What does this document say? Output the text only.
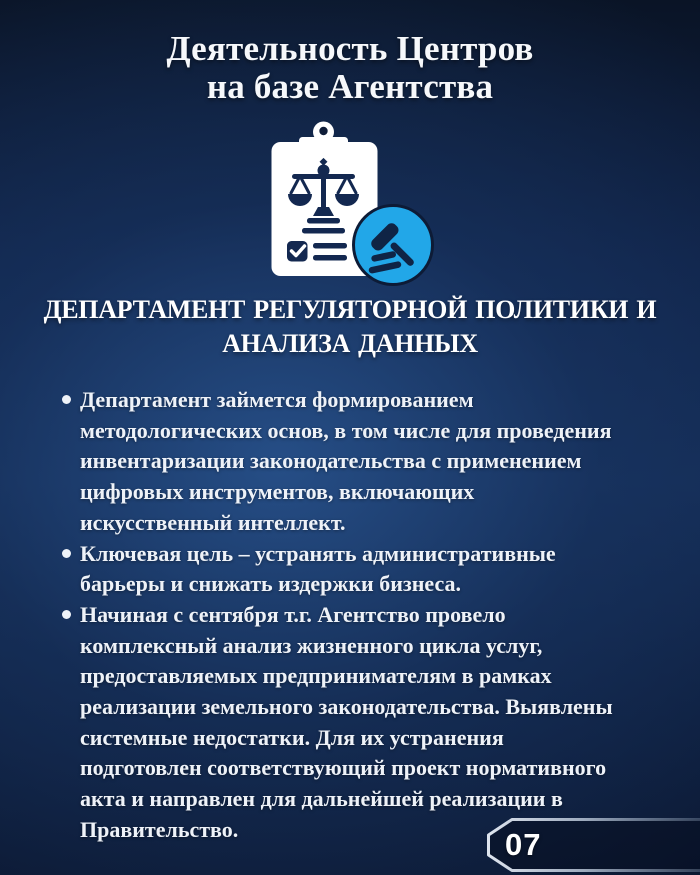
Деятельность Центров
на базе Агентства
ДЕПАРТАМЕНТ РЕГУЛЯТОРНОЙ ПОЛИТИКИ И
АНАЛИЗА ДАННЫХ
Департамент займется формированием
методологических основ, в том числе для проведения
инвентаризации законодательства с применением
цифровых инструментов, включающих
искусственный интеллект.
Ключевая цель – устранять административные
барьеры и снижать издержки бизнеса.
Начиная с сентября т.г. Агентство провело
комплексный анализ жизненного цикла услуг,
предоставляемых предпринимателям в рамках
реализации земельного законодательства. Выявлены
системные недостатки. Для их устранения
подготовлен соответствующий проект нормативного
акта и направлен для дальнейшей реализации в
Правительство.	07
